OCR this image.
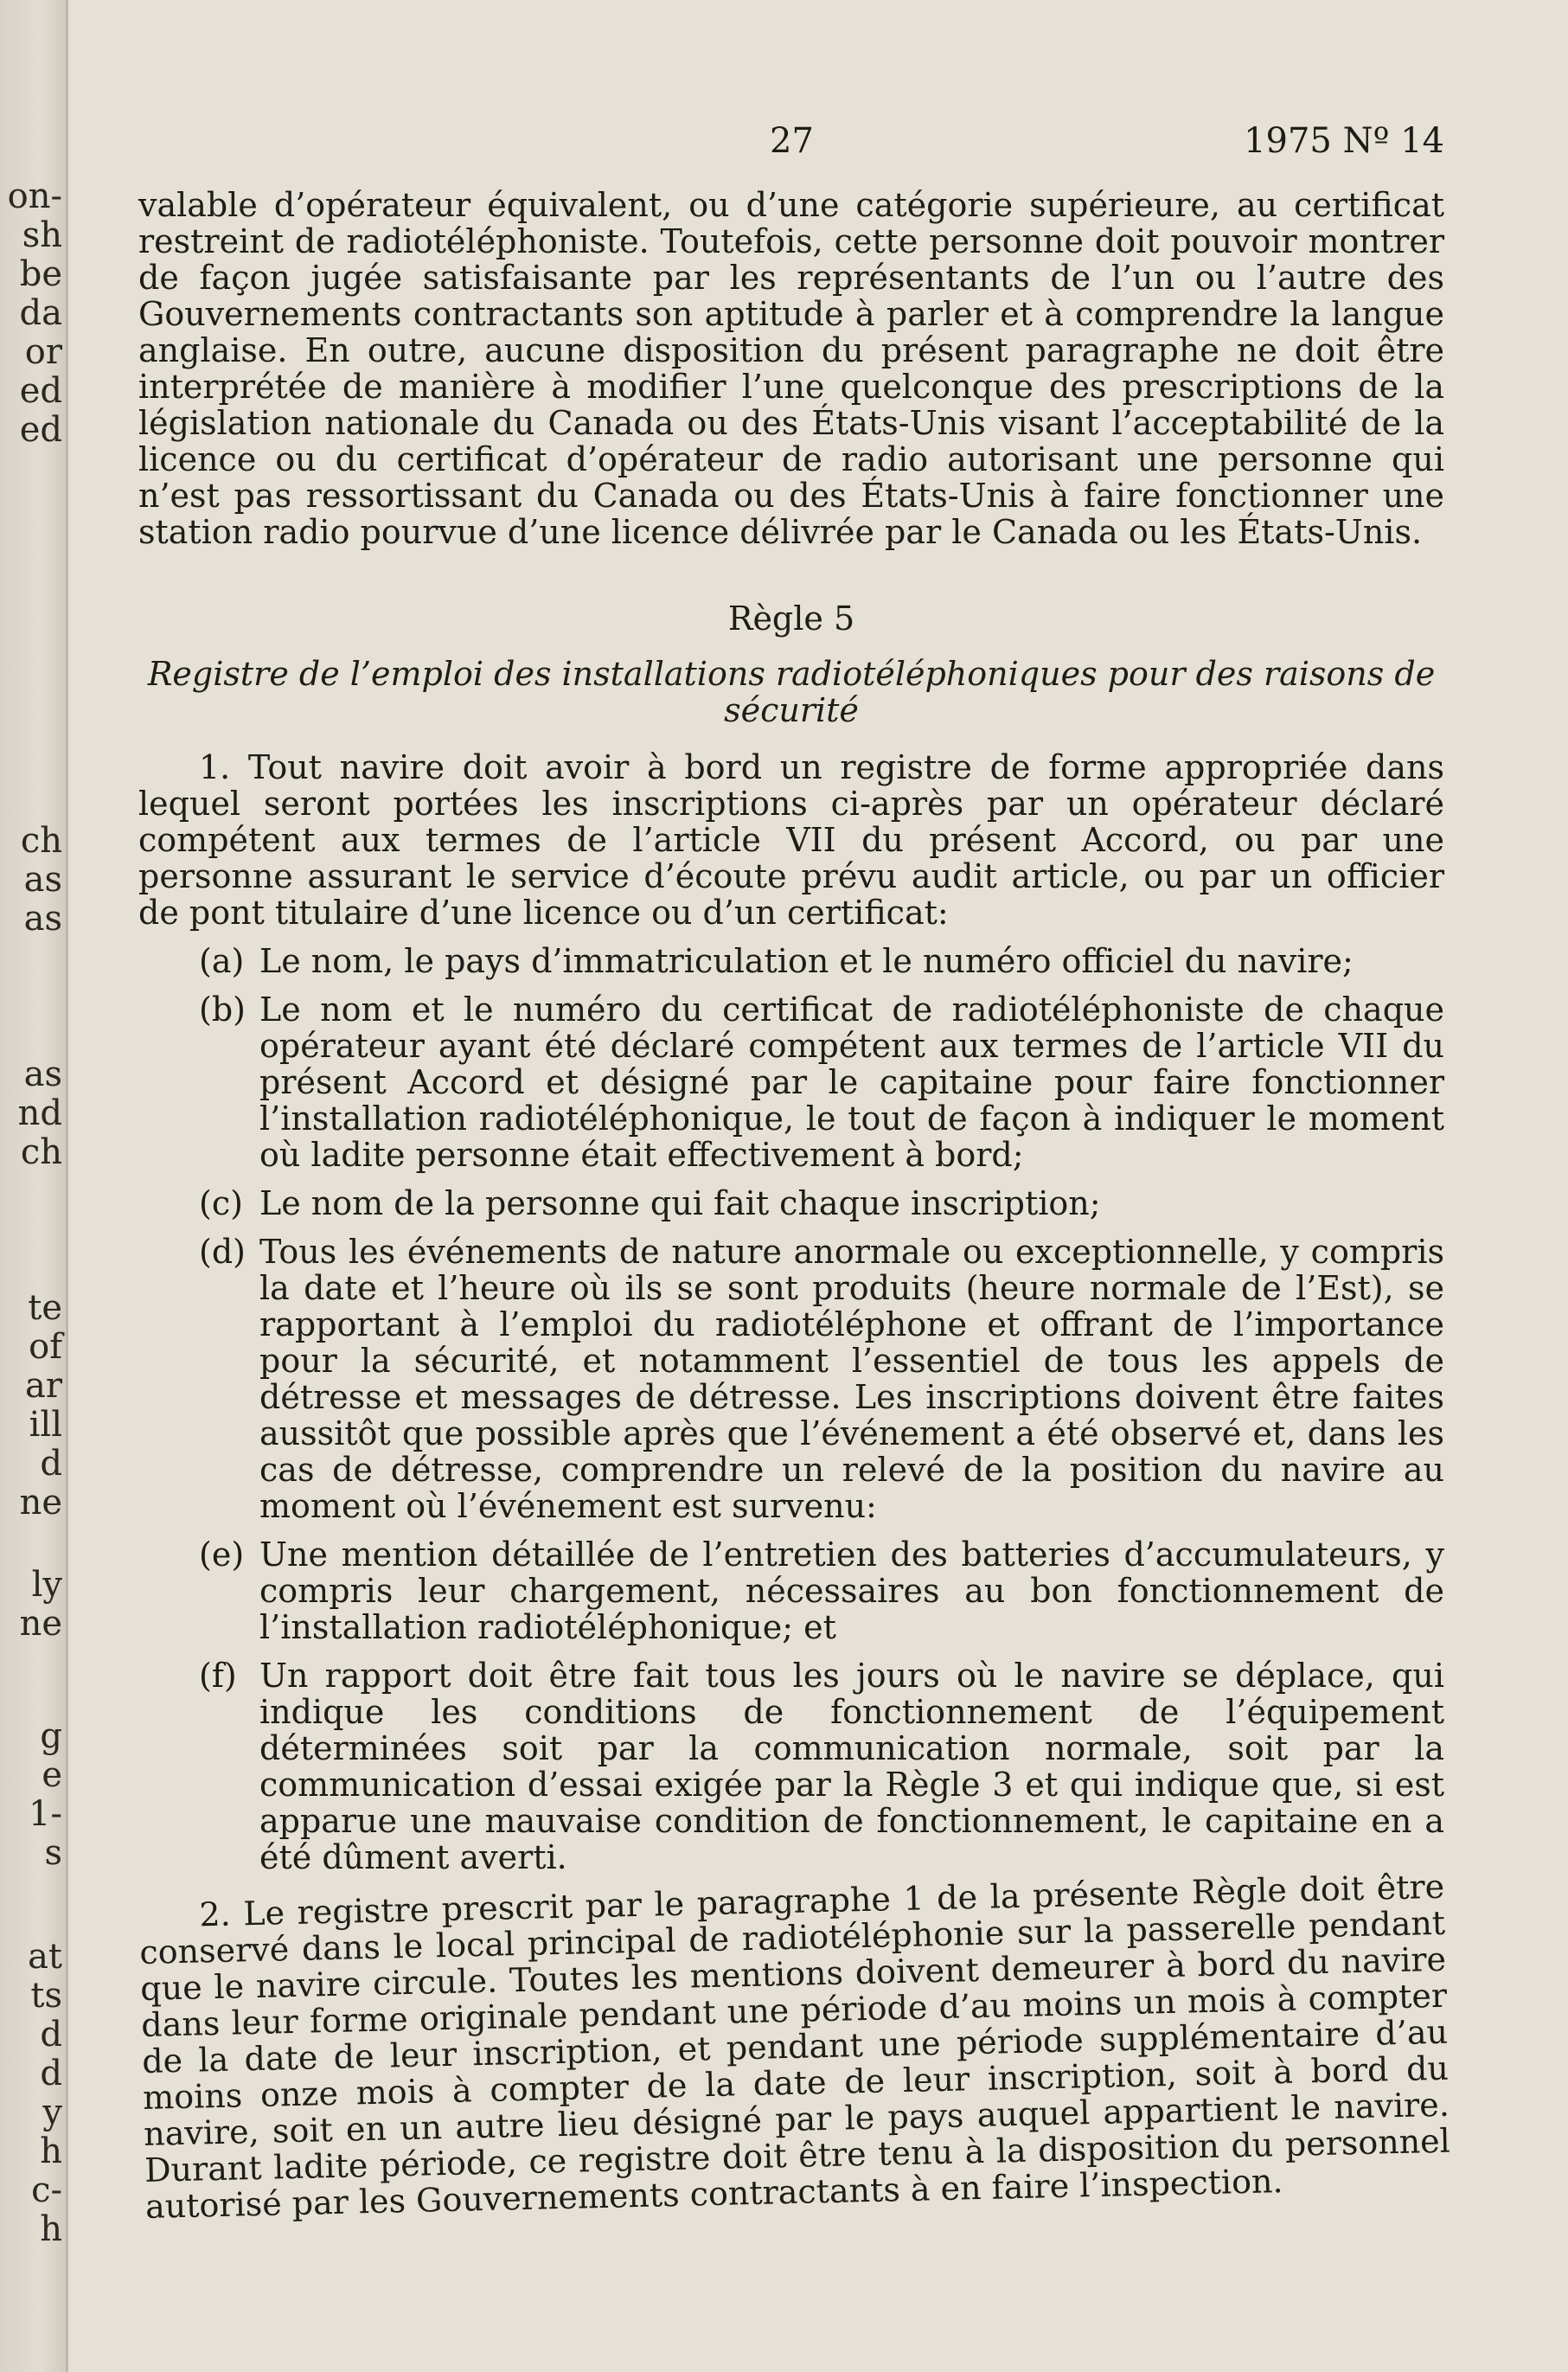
on-
sh
be
da
or
ed
ed
ch
as
as
as
nd
ch
te
of
ar
ill
d
ne
ly
ne
g
e
1-
s
at
ts
d
d
y
h
c-
h
27	1975 Nº 14

valable d’opérateur équivalent, ou d’une catégorie supérieure, au certificat restreint de radiotéléphoniste. Toutefois, cette personne doit pouvoir montrer de façon jugée satisfaisante par les représentants de l’un ou l’autre des Gouvernements contractants son aptitude à parler et à comprendre la langue anglaise. En outre, aucune disposition du présent paragraphe ne doit être interprétée de manière à modifier l’une quelconque des prescriptions de la législation nationale du Canada ou des États-Unis visant l’acceptabilité de la licence ou du certificat d’opérateur de radio autorisant une personne qui n’est pas ressortissant du Canada ou des États-Unis à faire fonctionner une station radio pourvue d’une licence délivrée par le Canada ou les États-Unis.

Règle 5
Registre de l’emploi des installations radiotéléphoniques pour des raisons de sécurité

1. Tout navire doit avoir à bord un registre de forme appropriée dans lequel seront portées les inscriptions ci-après par un opérateur déclaré compétent aux termes de l’article VII du présent Accord, ou par une personne assurant le service d’écoute prévu audit article, ou par un officier de pont titulaire d’une licence ou d’un certificat:

(a) Le nom, le pays d’immatriculation et le numéro officiel du navire;
(b) Le nom et le numéro du certificat de radiotéléphoniste de chaque opérateur ayant été déclaré compétent aux termes de l’article VII du présent Accord et désigné par le capitaine pour faire fonctionner l’installation radiotéléphonique, le tout de façon à indiquer le moment où ladite personne était effectivement à bord;
(c) Le nom de la personne qui fait chaque inscription;
(d) Tous les événements de nature anormale ou exceptionnelle, y compris la date et l’heure où ils se sont produits (heure normale de l’Est), se rapportant à l’emploi du radiotéléphone et offrant de l’importance pour la sécurité, et notamment l’essentiel de tous les appels de détresse et messages de détresse. Les inscriptions doivent être faites aussitôt que possible après que l’événement a été observé et, dans les cas de détresse, comprendre un relevé de la position du navire au moment où l’événement est survenu:
(e) Une mention détaillée de l’entretien des batteries d’accumulateurs, y compris leur chargement, nécessaires au bon fonctionnement de l’installation radiotéléphonique; et
(f) Un rapport doit être fait tous les jours où le navire se déplace, qui indique les conditions de fonctionnement de l’équipement déterminées soit par la communication normale, soit par la communication d’essai exigée par la Règle 3 et qui indique que, si est apparue une mauvaise condition de fonctionnement, le capitaine en a été dûment averti.

2. Le registre prescrit par le paragraphe 1 de la présente Règle doit être conservé dans le local principal de radiotéléphonie sur la passerelle pendant que le navire circule. Toutes les mentions doivent demeurer à bord du navire dans leur forme originale pendant une période d’au moins un mois à compter de la date de leur inscription, et pendant une période supplémentaire d’au moins onze mois à compter de la date de leur inscription, soit à bord du navire, soit en un autre lieu désigné par le pays auquel appartient le navire. Durant ladite période, ce registre doit être tenu à la disposition du personnel autorisé par les Gouvernements contractants à en faire l’inspection.
